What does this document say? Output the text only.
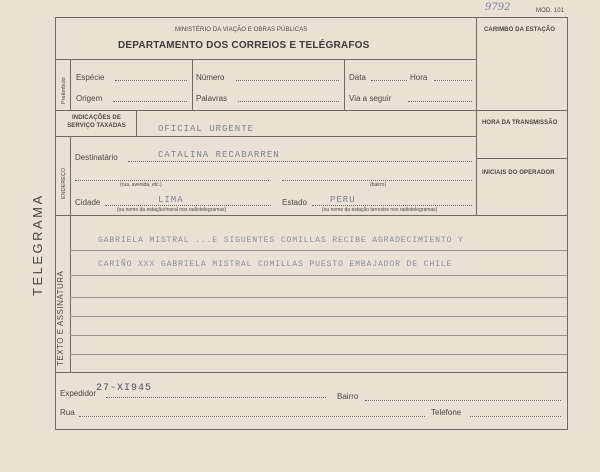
MINISTÉRIO DA VIAÇÃO E OBRAS PÚBLICAS
DEPARTAMENTO DOS CORREIOS E TELÉGRAFOS
MOD. 101
9792
CARIMBO DA ESTAÇÃO
Preâmbulo Espécie	Número	Data	Hora
Origem	Palavras	Via a seguir
INDICAÇÕES DE SERVIÇO TAXADAS	OFICIAL URGENTE
HORA DA TRANSMISSÃO
INICIAIS DO OPERADOR
ENDEREÇO
Destinatário	CATALINA RECABARREN
(rua, avenida, etc.)	(bairro)
Cidade	LIMA
(ou nome da estação/moral nos radiotelegramas)
Estado	PERU
(ou nome da estação terrestre nos radiotelegramas)
TEXTO E ASSINATURA
GABRIELA MISTRAL ...E SIGUENTES COMILLAS RECIBE AGRADECIMIENTO Y
CARIÑO XXX GABRIELA MISTRAL COMILLAS PUESTO EMBAJADOR DE CHILE
Expedidor 27-XI945
Bairro
Rua	Telefone
TELEGRAMA
